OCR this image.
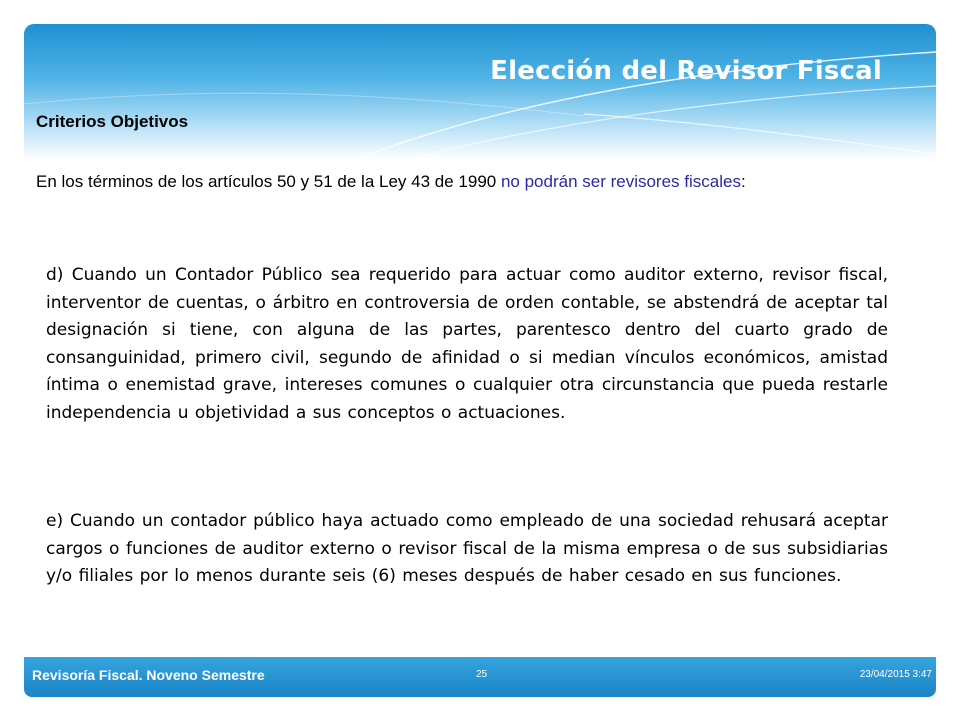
Elección del Revisor Fiscal
Criterios Objetivos

En los términos de los artículos 50 y 51 de la Ley 43 de 1990 no podrán ser revisores fiscales:

d) Cuando un Contador Público sea requerido para actuar como auditor externo, revisor fiscal, interventor de cuentas, o árbitro en controversia de orden contable, se abstendrá de aceptar tal designación si tiene, con alguna de las partes, parentesco dentro del cuarto grado de consanguinidad, primero civil, segundo de afinidad o si median vínculos económicos, amistad íntima o enemistad grave, intereses comunes o cualquier otra circunstancia que pueda restarle independencia u objetividad a sus conceptos o actuaciones.

e) Cuando un contador público haya actuado como empleado de una sociedad rehusará aceptar cargos o funciones de auditor externo o revisor fiscal de la misma empresa o de sus subsidiarias y/o filiales por lo menos durante seis (6) meses después de haber cesado en sus funciones.

Revisoría Fiscal. Noveno Semestre	25	23/04/2015 3:47
